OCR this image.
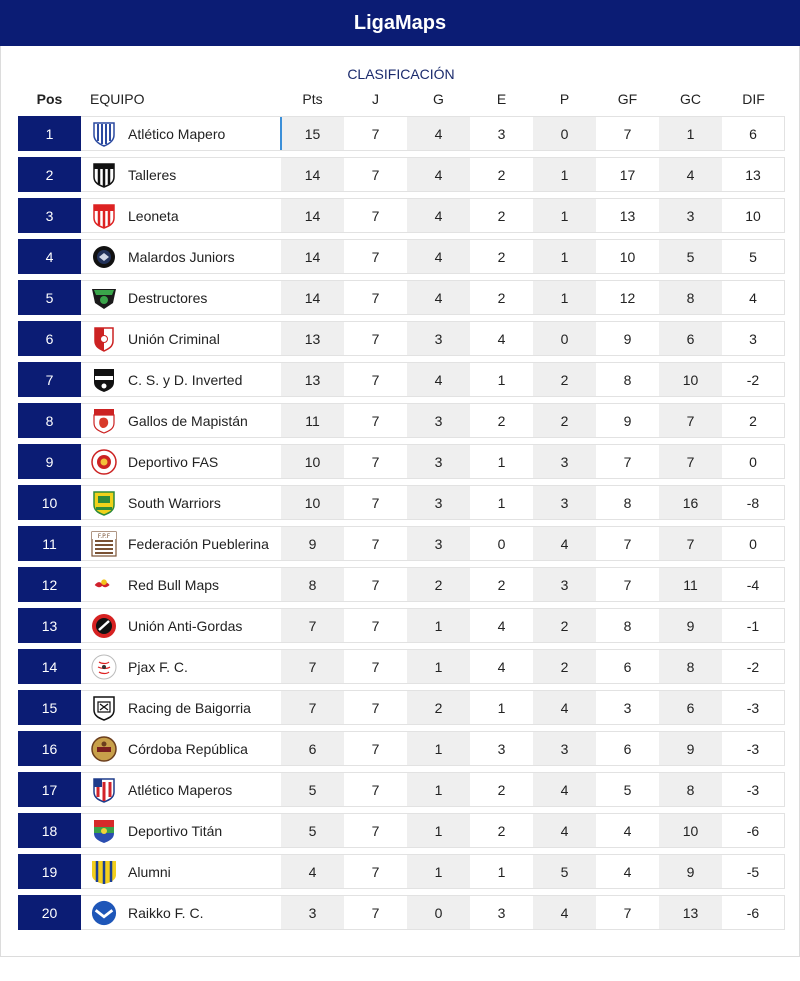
LigaMaps
CLASIFICACIÓN
Pos	EQUIPO	Pts	J	G	E	P	GF	GC	DIF
1	Atlético Mapero	15	7	4	3	0	7	1	6
2	Talleres	14	7	4	2	1	17	4	13
3	Leoneta	14	7	4	2	1	13	3	10
4	Malardos Juniors	14	7	4	2	1	10	5	5
5	Destructores	14	7	4	2	1	12	8	4
6	Unión Criminal	13	7	3	4	0	9	6	3
7	C. S. y D. Inverted	13	7	4	1	2	8	10	-2
8	Gallos de Mapistán	11	7	3	2	2	9	7	2
9	Deportivo FAS	10	7	3	1	3	7	7	0
10	South Warriors	10	7	3	1	3	8	16	-8
11	F.P.F Federación Pueblerina	9	7	3	0	4	7	7	0
12	Red Bull Maps	8	7	2	2	3	7	11	-4
13	Unión Anti-Gordas	7	7	1	4	2	8	9	-1
14	Pjax F. C.	7	7	1	4	2	6	8	-2
15	Racing de Baigorria	7	7	2	1	4	3	6	-3
16	Córdoba República	6	7	1	3	3	6	9	-3
17	Atlético Maperos	5	7	1	2	4	5	8	-3
18	Deportivo Titán	5	7	1	2	4	4	10	-6
19	Alumni	4	7	1	1	5	4	9	-5
20	Raikko F. C.	3	7	0	3	4	7	13	-6
